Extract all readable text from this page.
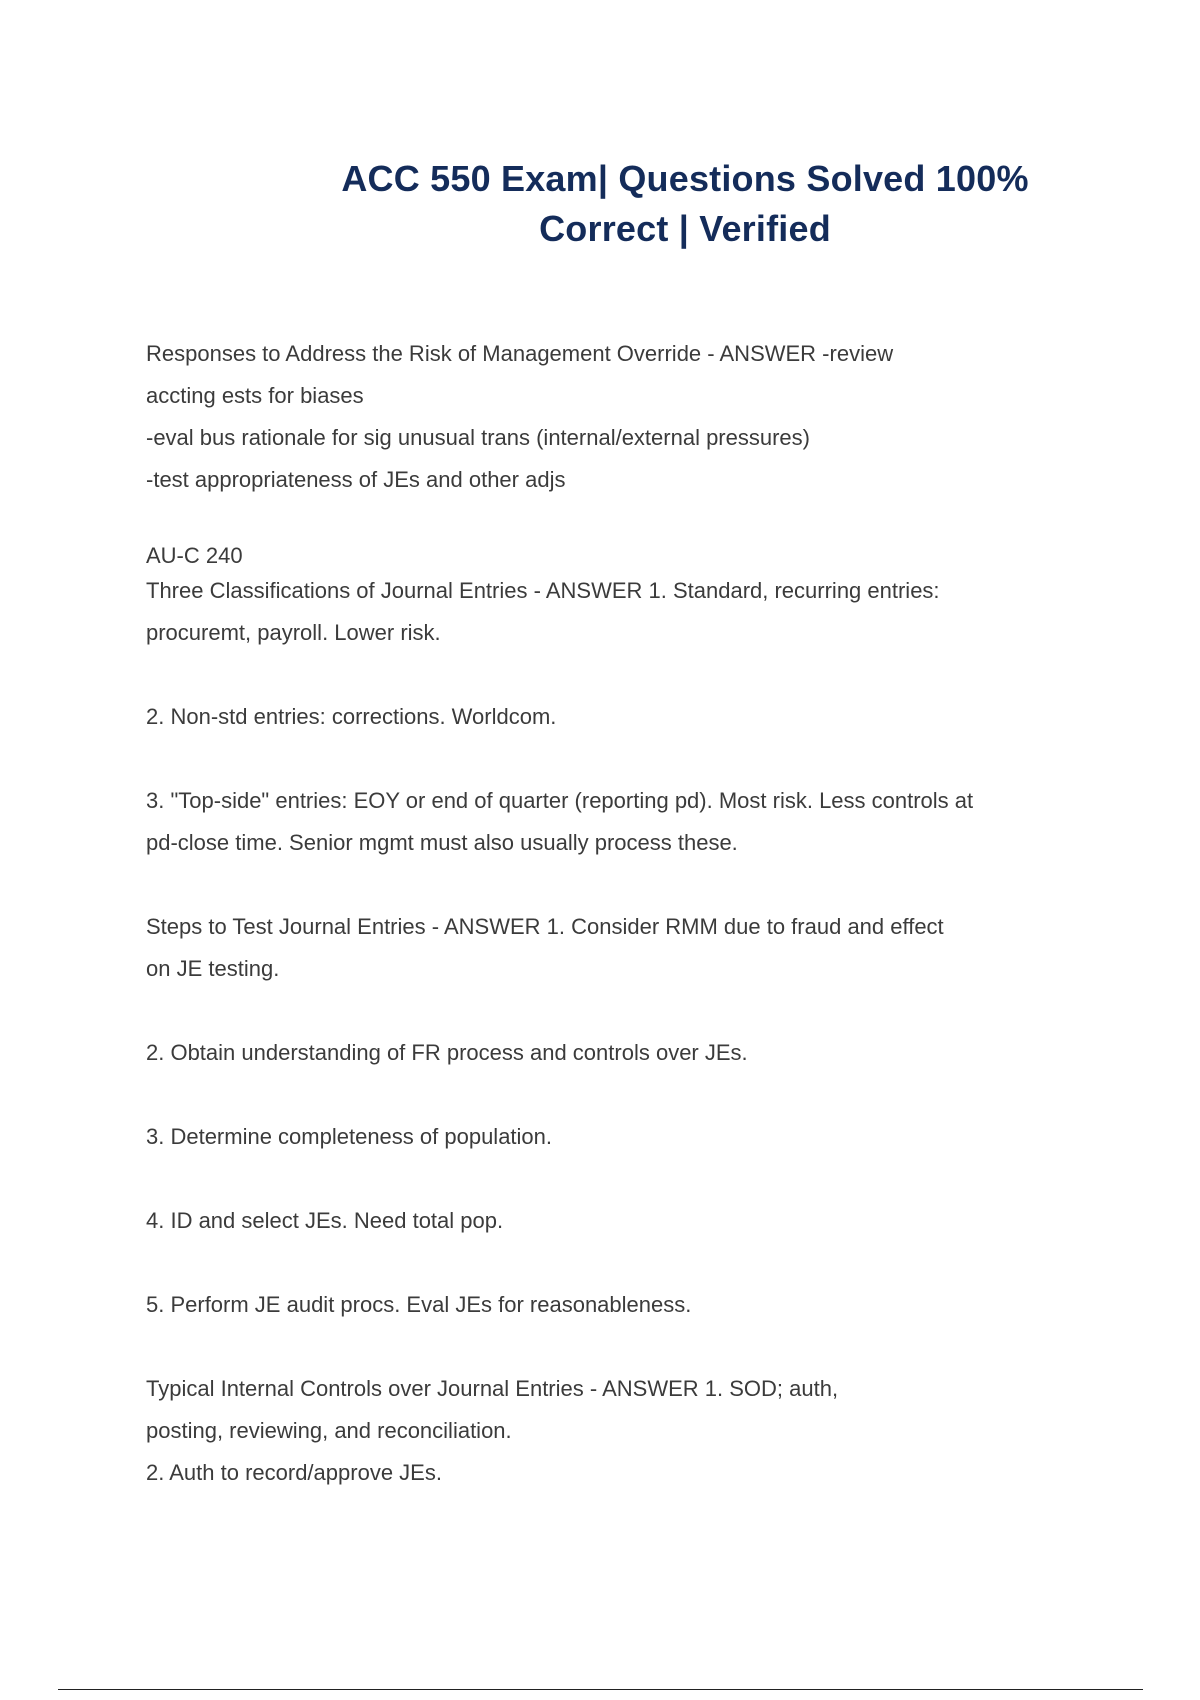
ACC 550 Exam| Questions Solved 100%
Correct | Verified
Responses to Address the Risk of Management Override - ANSWER -review
accting ests for biases
-eval bus rationale for sig unusual trans (internal/external pressures)
-test appropriateness of JEs and other adjs
AU-C 240
Three Classifications of Journal Entries - ANSWER 1. Standard, recurring entries:
procuremt, payroll. Lower risk.
2. Non-std entries: corrections. Worldcom.
3. "Top-side" entries: EOY or end of quarter (reporting pd). Most risk. Less controls at
pd-close time. Senior mgmt must also usually process these.
Steps to Test Journal Entries - ANSWER 1. Consider RMM due to fraud and effect
on JE testing.
2. Obtain understanding of FR process and controls over JEs.
3. Determine completeness of population.
4. ID and select JEs. Need total pop.
5. Perform JE audit procs. Eval JEs for reasonableness.
Typical Internal Controls over Journal Entries - ANSWER 1. SOD; auth,
posting, reviewing, and reconciliation.
2. Auth to record/approve JEs.
